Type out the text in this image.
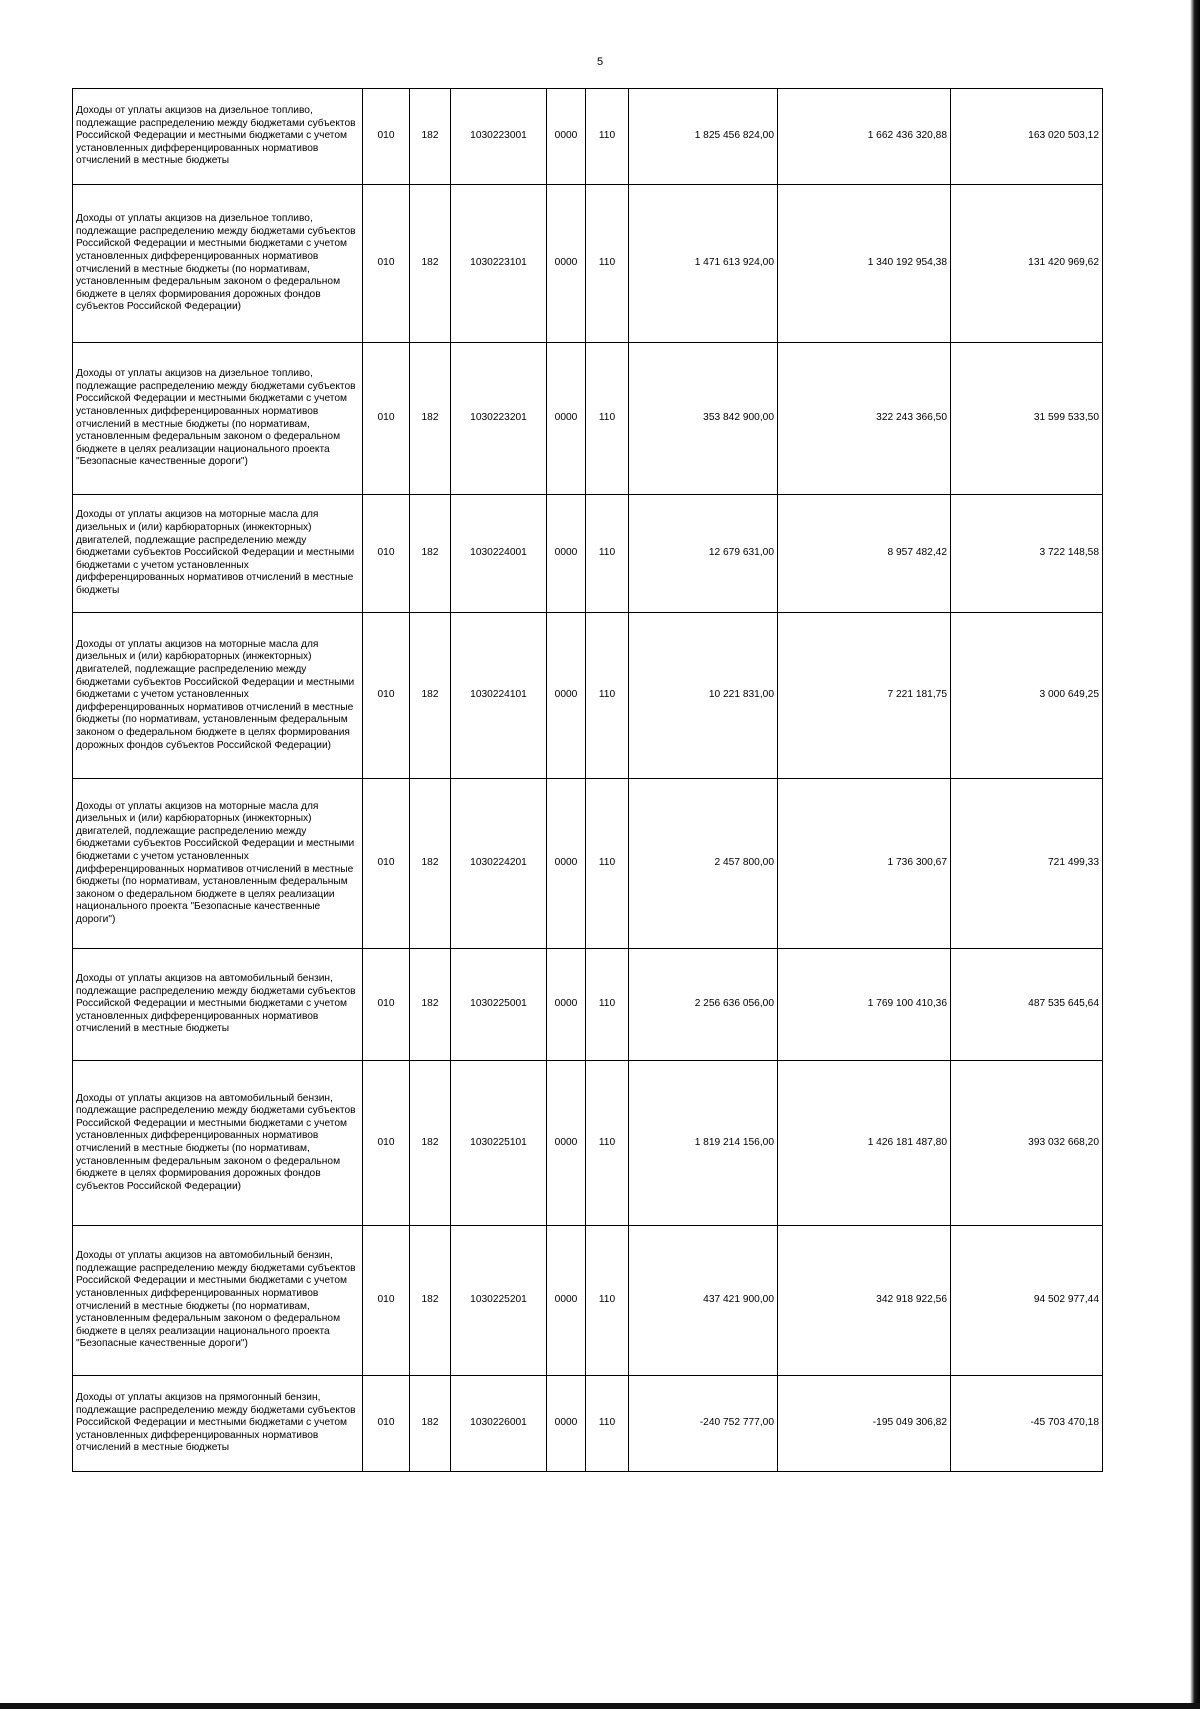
5
Доходы от уплаты акцизов на дизельное топливо, подлежащие распределению между бюджетами субъектов Российской Федерации и местными бюджетами с учетом установленных дифференцированных нормативов отчислений в местные бюджеты	010	182	1030223001	0000	110	1 825 456 824,00	1 662 436 320,88	163 020 503,12
Доходы от уплаты акцизов на дизельное топливо, подлежащие распределению между бюджетами субъектов Российской Федерации и местными бюджетами с учетом установленных дифференцированных нормативов отчислений в местные бюджеты (по нормативам, установленным федеральным законом о федеральном бюджете в целях формирования дорожных фондов субъектов Российской Федерации)	010	182	1030223101	0000	110	1 471 613 924,00	1 340 192 954,38	131 420 969,62
Доходы от уплаты акцизов на дизельное топливо, подлежащие распределению между бюджетами субъектов Российской Федерации и местными бюджетами с учетом установленных дифференцированных нормативов отчислений в местные бюджеты (по нормативам, установленным федеральным законом о федеральном бюджете в целях реализации национального проекта "Безопасные качественные дороги")	010	182	1030223201	0000	110	353 842 900,00	322 243 366,50	31 599 533,50
Доходы от уплаты акцизов на моторные масла для дизельных и (или) карбюраторных (инжекторных) двигателей, подлежащие распределению между бюджетами субъектов Российской Федерации и местными бюджетами с учетом установленных дифференцированных нормативов отчислений в местные бюджеты	010	182	1030224001	0000	110	12 679 631,00	8 957 482,42	3 722 148,58
Доходы от уплаты акцизов на моторные масла для дизельных и (или) карбюраторных (инжекторных) двигателей, подлежащие распределению между бюджетами субъектов Российской Федерации и местными бюджетами с учетом установленных дифференцированных нормативов отчислений в местные бюджеты (по нормативам, установленным федеральным законом о федеральном бюджете в целях формирования дорожных фондов субъектов Российской Федерации)	010	182	1030224101	0000	110	10 221 831,00	7 221 181,75	3 000 649,25
Доходы от уплаты акцизов на моторные масла для дизельных и (или) карбюраторных (инжекторных) двигателей, подлежащие распределению между бюджетами субъектов Российской Федерации и местными бюджетами с учетом установленных дифференцированных нормативов отчислений в местные бюджеты (по нормативам, установленным федеральным законом о федеральном бюджете в целях реализации национального проекта "Безопасные качественные дороги")	010	182	1030224201	0000	110	2 457 800,00	1 736 300,67	721 499,33
Доходы от уплаты акцизов на автомобильный бензин, подлежащие распределению между бюджетами субъектов Российской Федерации и местными бюджетами с учетом установленных дифференцированных нормативов отчислений в местные бюджеты	010	182	1030225001	0000	110	2 256 636 056,00	1 769 100 410,36	487 535 645,64
Доходы от уплаты акцизов на автомобильный бензин, подлежащие распределению между бюджетами субъектов Российской Федерации и местными бюджетами с учетом установленных дифференцированных нормативов отчислений в местные бюджеты (по нормативам, установленным федеральным законом о федеральном бюджете в целях формирования дорожных фондов субъектов Российской Федерации)	010	182	1030225101	0000	110	1 819 214 156,00	1 426 181 487,80	393 032 668,20
Доходы от уплаты акцизов на автомобильный бензин, подлежащие распределению между бюджетами субъектов Российской Федерации и местными бюджетами с учетом установленных дифференцированных нормативов отчислений в местные бюджеты (по нормативам, установленным федеральным законом о федеральном бюджете в целях реализации национального проекта "Безопасные качественные дороги")	010	182	1030225201	0000	110	437 421 900,00	342 918 922,56	94 502 977,44
Доходы от уплаты акцизов на прямогонный бензин, подлежащие распределению между бюджетами субъектов Российской Федерации и местными бюджетами с учетом установленных дифференцированных нормативов отчислений в местные бюджеты	010	182	1030226001	0000	110	-240 752 777,00	-195 049 306,82	-45 703 470,18
